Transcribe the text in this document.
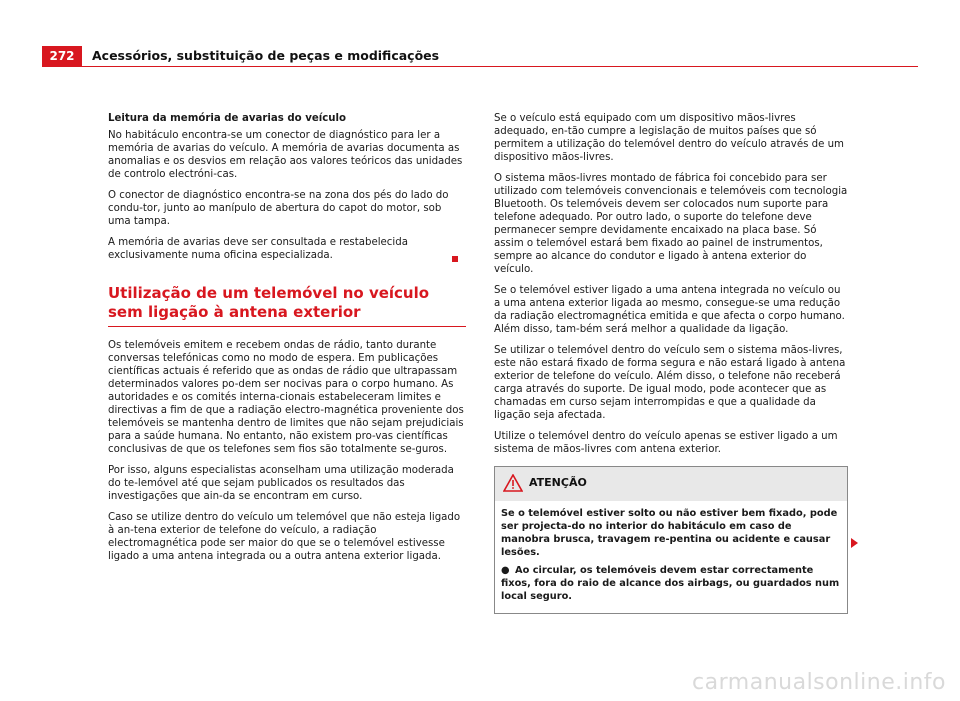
272	Acessórios, substituição de peças e modificações

Leitura da memória de avarias do veículo

No habitáculo encontra-se um conector de diagnóstico para ler a memória de avarias do veículo. A memória de avarias documenta as anomalias e os desvios em relação aos valores teóricos das unidades de controlo electróni-cas.

O conector de diagnóstico encontra-se na zona dos pés do lado do condu-tor, junto ao manípulo de abertura do capot do motor, sob uma tampa.

A memória de avarias deve ser consultada e restabelecida exclusivamente numa oficina especializada.

Utilização de um telemóvel no veículo sem ligação à antena exterior

Os telemóveis emitem e recebem ondas de rádio, tanto durante conversas telefónicas como no modo de espera. Em publicações científicas actuais é referido que as ondas de rádio que ultrapassam determinados valores po-dem ser nocivas para o corpo humano. As autoridades e os comités interna-cionais estabeleceram limites e directivas a fim de que a radiação electro-magnética proveniente dos telemóveis se mantenha dentro de limites que não sejam prejudiciais para a saúde humana. No entanto, não existem pro-vas científicas conclusivas de que os telefones sem fios são totalmente se-guros.

Por isso, alguns especialistas aconselham uma utilização moderada do te-lemóvel até que sejam publicados os resultados das investigações que ain-da se encontram em curso.

Caso se utilize dentro do veículo um telemóvel que não esteja ligado à an-tena exterior de telefone do veículo, a radiação electromagnética pode ser maior do que se o telemóvel estivesse ligado a uma antena integrada ou a outra antena exterior ligada.

Se o veículo está equipado com um dispositivo mãos-livres adequado, en-tão cumpre a legislação de muitos países que só permitem a utilização do telemóvel dentro do veículo através de um dispositivo mãos-livres.

O sistema mãos-livres montado de fábrica foi concebido para ser utilizado com telemóveis convencionais e telemóveis com tecnologia Bluetooth. Os telemóveis devem ser colocados num suporte para telefone adequado. Por outro lado, o suporte do telefone deve permanecer sempre devidamente encaixado na placa base. Só assim o telemóvel estará bem fixado ao painel de instrumentos, sempre ao alcance do condutor e ligado à antena exterior do veículo.

Se o telemóvel estiver ligado a uma antena integrada no veículo ou a uma antena exterior ligada ao mesmo, consegue-se uma redução da radiação electromagnética emitida e que afecta o corpo humano. Além disso, tam-bém será melhor a qualidade da ligação.

Se utilizar o telemóvel dentro do veículo sem o sistema mãos-livres, este não estará fixado de forma segura e não estará ligado à antena exterior de telefone do veículo. Além disso, o telefone não receberá carga através do suporte. De igual modo, pode acontecer que as chamadas em curso sejam interrompidas e que a qualidade da ligação seja afectada.

Utilize o telemóvel dentro do veículo apenas se estiver ligado a um sistema de mãos-livres com antena exterior.

ATENÇÃO

Se o telemóvel estiver solto ou não estiver bem fixado, pode ser projecta-do no interior do habitáculo em caso de manobra brusca, travagem re-pentina ou acidente e causar lesões.

● Ao circular, os telemóveis devem estar correctamente fixos, fora do raio de alcance dos airbags, ou guardados num local seguro.

carmanualsonline.info
